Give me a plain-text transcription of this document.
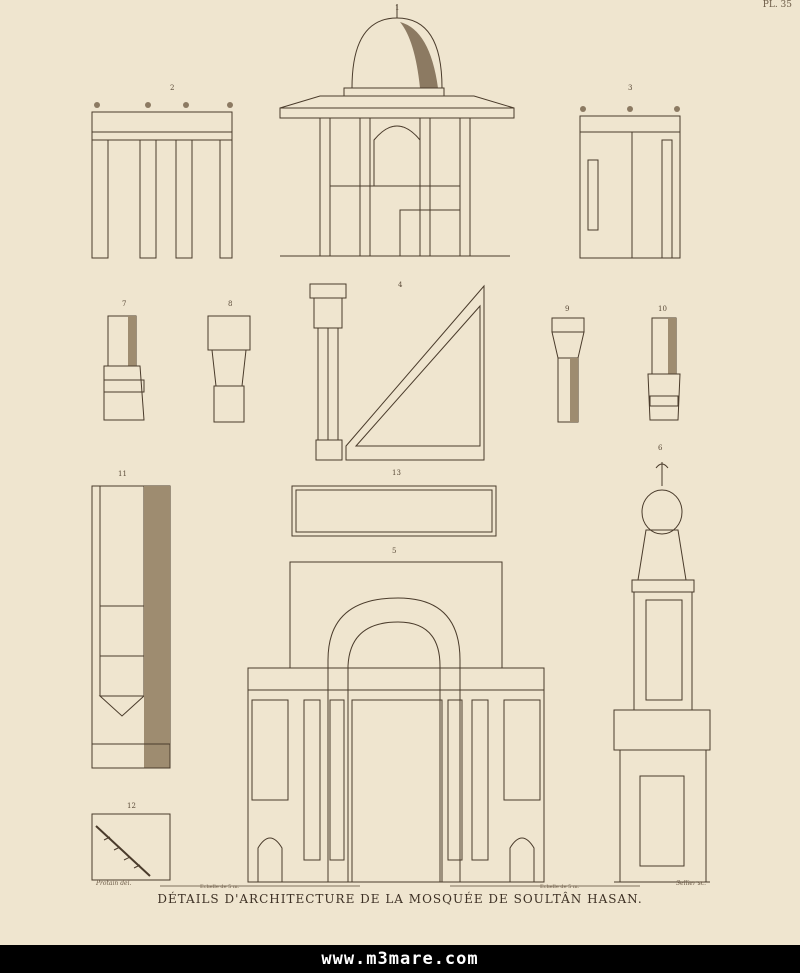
PL. 35
2
1
3
7	8
4
9	10
11	13
5
6
12
Protain del.	Sellier sc.
Echelle de 5 m.	Echelle de 5 m.
DÉTAILS D'ARCHITECTURE DE LA MOSQUÉE DE SOULTÂN HASAN.
www.m3mare.com
